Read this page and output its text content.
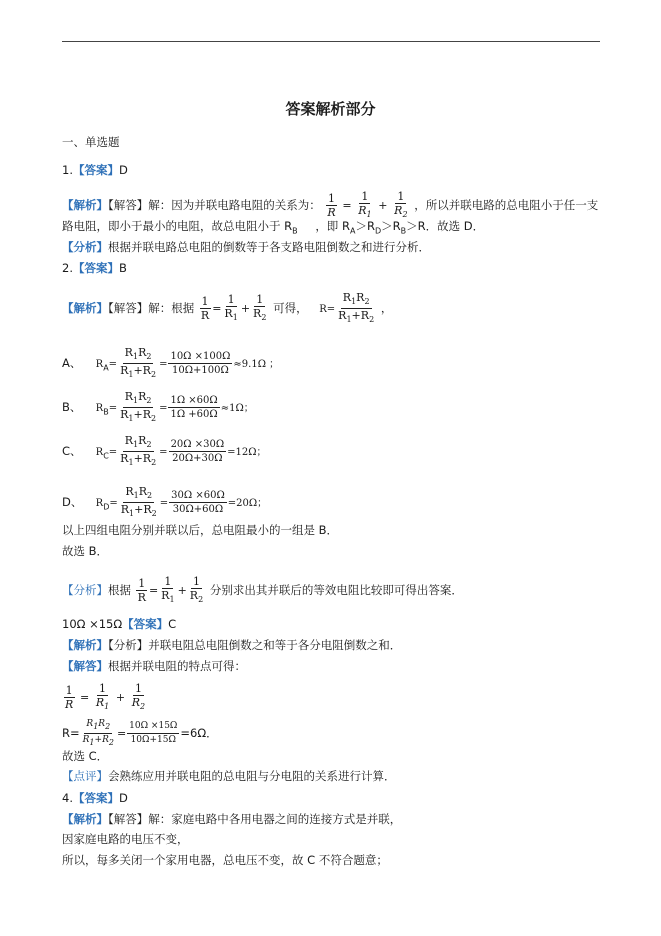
答案解析部分
一、单选题
1.【答案】D
【解析】【解答】解：因为并联电路电阻的关系为： $\frac{1}{R} = \frac{1}{R_1} + \frac{1}{R_2}$ ，所以并联电路的总电阻小于任一支
路电阻，即小于最小的电阻，故总电阻小于 $R_B$ ，即 $R_A>R_D>R_B>R$．故选 D．
【分析】根据并联电路总电阻的倒数等于各支路电阻倒数之和进行分析．
2.【答案】B
【解析】【解答】解：根据 $\frac{1}{R} = \frac{1}{R_1} + \frac{1}{R_2}$ 可得， $R= \frac{R_1R_2}{R_1+R_2}$ ，
A、 $R_A= \frac{R_1R_2}{R_1+R_2} = \frac{10\Omega \times 100\Omega}{10\Omega+100\Omega} \approx 9.1\Omega$ ；
B、 $R_B= \frac{R_1R_2}{R_1+R_2} = \frac{1\Omega \times 60\Omega}{1\Omega +60\Omega} \approx 1\Omega$；
C、 $R_C= \frac{R_1R_2}{R_1+R_2} = \frac{20\Omega \times 30\Omega}{20\Omega+30\Omega} =12\Omega$；
D、 $R_D= \frac{R_1R_2}{R_1+R_2} = \frac{30\Omega \times 60\Omega}{30\Omega+60\Omega} =20\Omega$；
以上四组电阻分别并联以后，总电阻最小的一组是 B．
故选 B．
【分析】根据 $\frac{1}{R} = \frac{1}{R_1} + \frac{1}{R_2}$ 分别求出其并联后的等效电阻比较即可得出答案．
10Ω ×15Ω【答案】C
【解析】【分析】并联电阻总电阻倒数之和等于各分电阻倒数之和．
【解答】根据并联电阻的特点可得：
$\frac{1}{R} = \frac{1}{R_1} + \frac{1}{R_2}$
$R= \frac{R_1R_2}{R_1+R_2} = \frac{10\Omega \times 15\Omega}{10\Omega+15\Omega} =6\Omega$．
故选 C．
【点评】会熟练应用并联电阻的总电阻与分电阻的关系进行计算．
4.【答案】D
【解析】【解答】解：家庭电路中各用电器之间的连接方式是并联，
因家庭电路的电压不变，
所以，每多关闭一个家用电器，总电压不变，故 C 不符合题意；
